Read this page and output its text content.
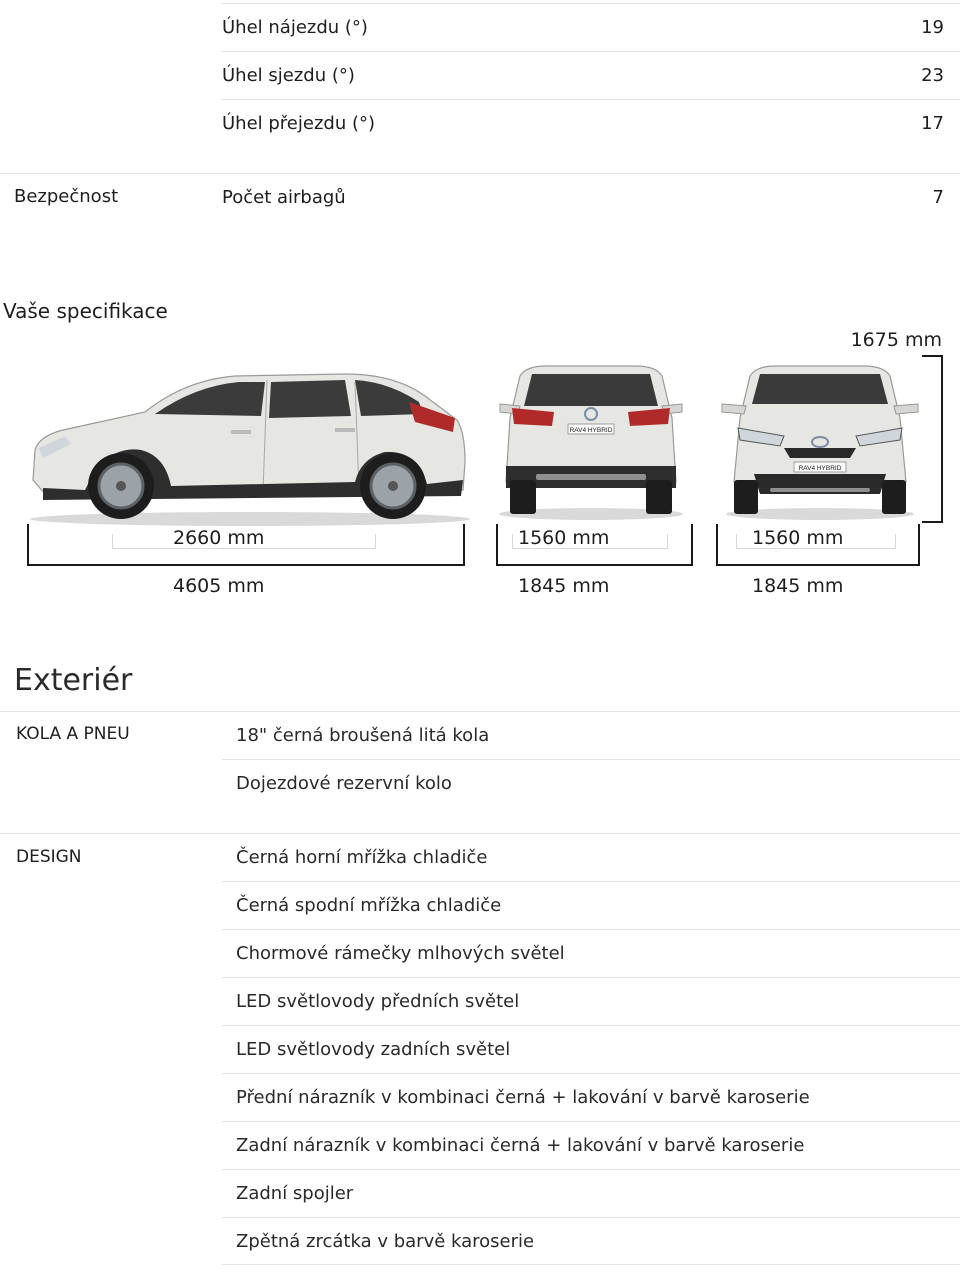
Úhel nájezdu (°)	19
Úhel sjezdu (°)	23
Úhel přejezdu (°)	17
Bezpečnost	Počet airbagů	7
Vaše specifikace
1675 mm
RAV4 HYBRID
RAV4 HYBRID
2660 mm
4605 mm
1560 mm
1845 mm
1560 mm
1845 mm
Exteriér
KOLA A PNEU	18" černá broušená litá kola
Dojezdové rezervní kolo
DESIGN	Černá horní mřížka chladiče
Černá spodní mřížka chladiče
Chormové rámečky mlhových světel
LED světlovody předních světel
LED světlovody zadních světel
Přední nárazník v kombinaci černá + lakování v barvě karoserie
Zadní nárazník v kombinaci černá + lakování v barvě karoserie
Zadní spojler
Zpětná zrcátka v barvě karoserie
